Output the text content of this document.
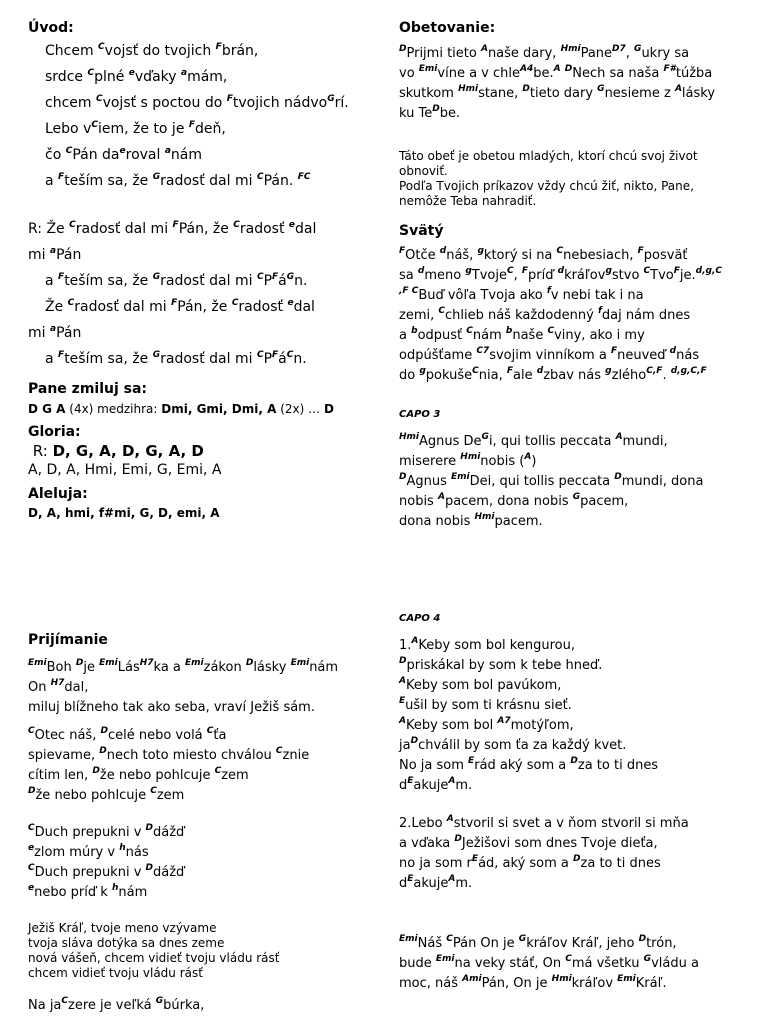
Úvod:
Chcem $^C$vojsť do tvojich $^F$brán,
srdce $^C$plné $^e$vďaky $^a$mám,
chcem $^C$vojsť s poctou do $^F$tvojich nádvo$^G$rí.
Lebo $v^Ciem$, že to je $^F$deň,
čo $^C$Pán $da^eroval$ $^a$nám
a $^F$teším sa, že $^G$radosť dal mi $^C$Pán. $^{FC}$
R: Že $^C$radosť dal mi $^F$Pán, že $^C$radosť $^e$dal
mi $^a$Pán
a $^F$teším sa, že $^G$radosť dal mi $^CP^Fá^Gn$.
Že $^C$radosť dal mi $^F$Pán, že $^C$radosť $^e$dal
mi $^a$Pán
a $^F$teším sa, že $^G$radosť dal mi $^CP^Fá^Cn$.
Pane zmiluj sa:
D G A (4x) medzihra: Dmi, Gmi, Dmi, A (2x) … D
Gloria:
R: D, G, A, D, G, A, D
A, D, A, Hmi, Emi, G, Emi, A
Aleluja:
D, A, hmi, f#mi, G, D, emi, A
Prijímanie
$^{Emi}$Boh $^D$je $^{Emi}$Lás$^{H7}$ka a $^{Emi}$zákon $^D$lásky $^{Emi}$nám
On $^{H7}$dal,
miluj blížneho tak ako seba, vraví Ježiš sám.
$^C$Otec náš, $^D$celé nebo volá $^C$ťa
spievame, $^D$nech toto miesto chválou $^C$znie
cítim len, $^D$že nebo pohlcuje $^C$zem
$^D$že nebo pohlcuje $^C$zem
$^C$Duch prepukni v $^D$dážď
$^e$zlom múry v $^h$nás
$^C$Duch prepukni v $^D$dážď
$^e$nebo príď k $^h$nám
Ježiš Kráľ, tvoje meno vzývame
tvoja sláva dotýka sa dnes zeme
nová vášeň, chcem vidieť tvoju vládu rásť
chcem vidieť tvoju vládu rásť
Na $ja^Czere$ je veľká $^G$búrka,
Obetovanie:
$^D$Prijmi tieto $^A$naše dary, $^{Hmi}$Pane$^{D7}$, $^G$ukry sa
vo $^{Emi}$víne a v chle$^{A4}$be.$^A$ $^D$Nech sa naša $^{F\#}$túžba
skutkom $^{Hmi}$stane, $^D$tieto dary $^G$nesieme z $^A$lásky
ku $Te^Dbe$.
Táto obeť je obetou mladých, ktorí chcú svoj život
obnoviť.
Podľa Tvojich príkazov vždy chcú žiť, nikto, Pane,
nemôže Teba nahradiť.
Svätý
$^F$Otče $^d$náš, $^g$ktorý si na $^C$nebesiach, $^F$posväť
sa $^d$meno $^g$Tvoje$^C$, $^F$príď $^d$kráľov$^g$stvo $^C$Tvo$^F$je.$^{d,g,C}$
$^{,F C}$Buď vôľa Tvoja ako $^f$v nebi tak i na
zemi, $^C$chlieb náš každodenný $^f$daj nám dnes
a $^b$odpusť $^C$nám $^b$naše $^C$viny, ako i my
odpúšťame $^{C7}$svojim vinníkom a $^F$neuveď $^d$nás
do $^g$pokuše$^C$nia, $^F$ale $^d$zbav nás $^g$zlého$^{C,F}$. $^{d,g,C,F}$
CAPO 3
$^{Hmi}$Agnus $De^Gi$, qui tollis peccata $^A$mundi,
miserere $^{Hmi}$nobis ($^A$)
$^D$Agnus $^{Emi}$Dei, qui tollis peccata $^D$mundi, dona
nobis $^A$pacem, dona nobis $^G$pacem,
dona nobis $^{Hmi}$pacem.
CAPO 4
1.$^A$Keby som bol kengurou,
$^D$priskákal by som k tebe hneď.
$^A$Keby som bol pavúkom,
$^E$ušil by som ti krásnu sieť.
$^A$Keby som bol $^{A7}$motýľom,
$ja^Dchválil$ by som ťa za každý kvet.
No ja som $^E$rád aký som a $^D$za to ti dnes
$d^Eakuje^Am$.
2.Lebo $^A$stvoril si svet a v ňom stvoril si mňa
a vďaka $^D$Ježišovi som dnes Tvoje dieťa,
no ja som $r^Eád$, aký som a $^D$za to ti dnes
$d^Eakuje^Am$.
$^{Emi}$Náš $^C$Pán On je $^G$kráľov Kráľ, jeho $^D$trón,
bude $^{Emi}$na veky stáť, On $^C$má všetku $^G$vládu a
moc, náš $^{Ami}$Pán, On je $^{Hmi}$kráľov $^{Emi}$Kráľ.
